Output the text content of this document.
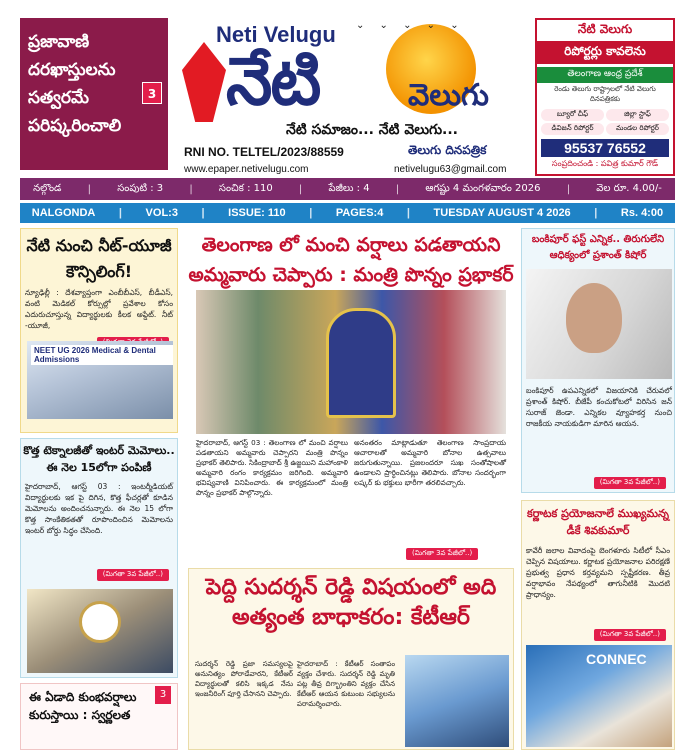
ప్రజావాణి దరఖాస్తులను సత్వరమే పరిష్కరించాలి
3
⌄ ⌄ ⌄ ⌄ ⌄
Neti Velugu
నేటి	వెలుగు
నేటి సమాజం... నేటి వెలుగు...
RNI NO. TELTEL/2023/88559	తెలుగు దినపత్రిక
www.epaper.netivelugu.com	netivelugu63@gmail.com
నేటి వెలుగు
రిపోర్టర్లు కావలెను
తెలంగాణ ఆంధ్ర ప్రదేశ్
రెండు తెలుగు రాష్ట్రాలలో నేటి వెలుగు దినపత్రికకు
బ్యూరో చీఫ్	జిల్లా స్టాఫ్
డివిజన్ రిపోర్టర్	మండల రిపోర్టర్
95537 76552
సంప్రదించండి : పవిత్ర కుమార్ గౌడ్
నల్గొండ	|	సంపుటి : 3	|	సంచిక : 110	|	పేజీలు : 4	|	ఆగష్టు 4 మంగళవారం 2026	|	వెల రూ. 4.00/-
NALGONDA | VOL:3 | ISSUE: 110 | PAGES:4 | TUESDAY AUGUST 4 2026 | Rs. 4:00
నేటి నుంచి నీట్-యూజీ కౌన్సిలింగ్!
న్యూఢిల్లీ : దేశవ్యాప్తంగా ఎంబీబీఎస్, బీడీఎస్, వంటి మెడికల్ కోర్సుల్లో ప్రవేశాల కోసం ఎదురుచూస్తున్న విద్యార్థులకు కీలక అప్డేట్. నీట్ -యూజీ,
NEET UG 2026 Medical & Dental Admissions
కొత్త టెక్నాలజీతో ఇంటర్ మెమోలు.. ఈ నెల 15లోగా పంపిణీ
హైదరాబాద్, ఆగస్ట్ 03 : ఇంటర్మీడియట్ విద్యార్థులకు ఇక పై దిగిన, కొత్త ఫీచర్లతో కూడిన మెమోలను అందించనున్నారు. ఈ నెల 15 లోగా కొత్త సాంకేతికతతో రూపొందించిన మెమోలను ఇంటర్ బోర్డు సిద్ధం చేసింది.
(మిగతా 3వ పేజీలో..)
ఈ ఏడాది కుంభవర్షాలు కురుస్తాయి : స్వర్ణలత
3
తెలంగాణ లో మంచి వర్షాలు పడతాయని అమ్మవారు చెప్పారు : మంత్రి పొన్నం ప్రభాకర్
హైదరాబాద్, ఆగస్ట్ 03 : తెలంగాణ లో మంచి వర్షాలు పడతాయని అమ్మవారు చెప్పారని మంత్రి పొన్నం ప్రభాకర్ తెలిపారు. సికింద్రాబాద్ శ్రీ ఉజ్జయిని మహాంకాళి అమ్మవారి రంగం కార్యక్రమం జరిగింది. అమ్మవారి భవిష్యవాణి వినిపించారు. ఈ కార్యక్రమంలో మంత్రి పొన్నం ప్రభాకర్ పాల్గొన్నారు.
అనంతరం మాట్లాడుతూ తెలంగాణ సాంప్రదాయ ఆచారాలతో అమ్మవారి బోనాల ఉత్సవాలు జరుగుతున్నాయి. ప్రజలందరూ సుఖ సంతోషాలతో ఉండాలని ప్రార్థించినట్లు తెలిపారు. బోనాల సందర్భంగా లష్కర్ కు భక్తులు భారీగా తరలివచ్చారు.
(మిగతా 3వ పేజీలో..)
పెద్ది సుదర్శన్ రెడ్డి విషయంలో అది అత్యంత బాధాకరం: కేటీఆర్
సుదర్శన్ రెడ్డి ప్రజా సమస్యలపై అనునిత్యం పోరాడేవారని, కేటీఆర్ విద్యార్థులతో కలిసి ఇక్కడ నేను ఇంజనీరింగ్ పూర్తి చేసానని చెప్పారు.
హైదరాబాద్ : కేటీఆర్ సంతాపం వ్యక్తం చేశారు. సుదర్శన్ రెడ్డి మృతి పట్ల తీవ్ర దిగ్భ్రాంతిని వ్యక్తం చేసిన కేటీఆర్ ఆయన కుటుంబ సభ్యులను పరామర్శించారు.
బంకిపూర్ ఫస్ట్ ఎన్నిక.. తిరుగులేని ఆధిక్యంలో ప్రశాంత్ కిషోర్
బంకిపూర్ ఉపఎన్నికలో విజయానికి చేరువలో ప్రశాంత్ కిషోర్. బీజేపీ కంచుకోటలో విరిసిన జన్ సురాజ్ జెండా. ఎన్నికల వ్యూహకర్త నుంచి రాజకీయ నాయకుడిగా మారిన ఆయన.
(మిగతా 3వ పేజీలో..)
కర్ణాటక ప్రయోజనాలే ముఖ్యమన్న డీకే శివకుమార్
కావేరీ జలాల వివాదంపై బెంగళూరు సిటీలో సీఎం చెప్పిన విషయాలు. కర్ణాటక ప్రయోజనాల పరిరక్షణే ప్రభుత్వ ప్రధాన కర్తవ్యమని స్పష్టీకరణ. తీవ్ర వర్షాభావం నేపథ్యంలో తాగునీటికి మొదటి ప్రాధాన్యం.
(మిగతా 3వ పేజీలో..)
CONNEC
